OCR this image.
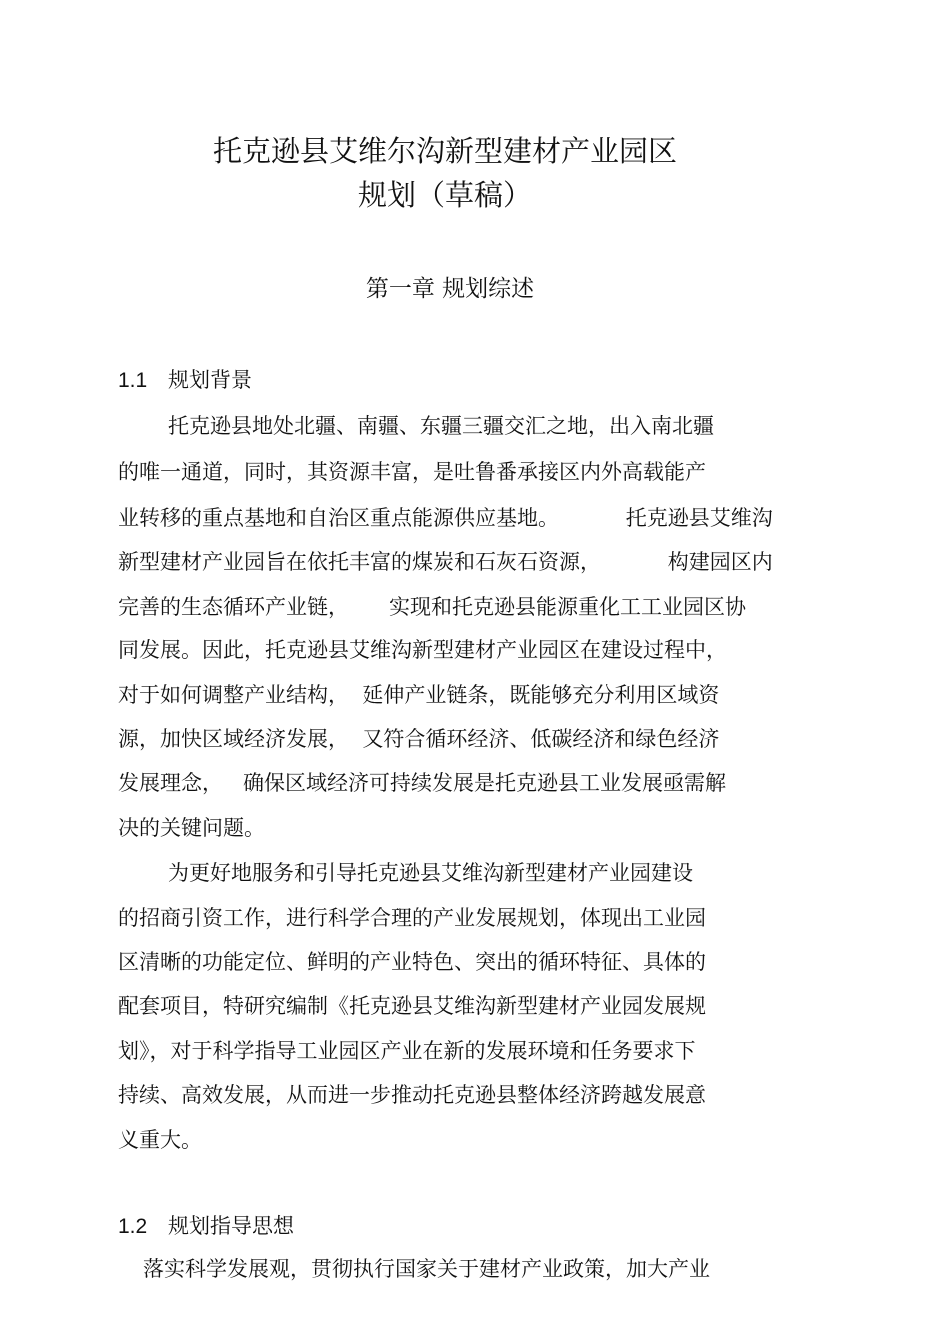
托克逊县艾维尔沟新型建材产业园区
规划（草稿）
第一章 规划综述
1.1 规划背景
托克逊县地处北疆、南疆、东疆三疆交汇之地，出入南北疆
的唯一通道，同时，其资源丰富，是吐鲁番承接区内外高载能产
业转移的重点基地和自治区重点能源供应基地。          托克逊县艾维沟
新型建材产业园旨在依托丰富的煤炭和石灰石资源，          构建园区内
完善的生态循环产业链，      实现和托克逊县能源重化工工业园区协
同发展。因此，托克逊县艾维沟新型建材产业园区在建设过程中，
对于如何调整产业结构，  延伸产业链条，既能够充分利用区域资
源，加快区域经济发展，  又符合循环经济、低碳经济和绿色经济
发展理念，   确保区域经济可持续发展是托克逊县工业发展亟需解
决的关键问题。
为更好地服务和引导托克逊县艾维沟新型建材产业园建设
的招商引资工作，进行科学合理的产业发展规划，体现出工业园
区清晰的功能定位、鲜明的产业特色、突出的循环特征、具体的
配套项目，特研究编制《托克逊县艾维沟新型建材产业园发展规
划》，对于科学指导工业园区产业在新的发展环境和任务要求下
持续、高效发展，从而进一步推动托克逊县整体经济跨越发展意
义重大。
1.2 规划指导思想
落实科学发展观，贯彻执行国家关于建材产业政策，加大产业
